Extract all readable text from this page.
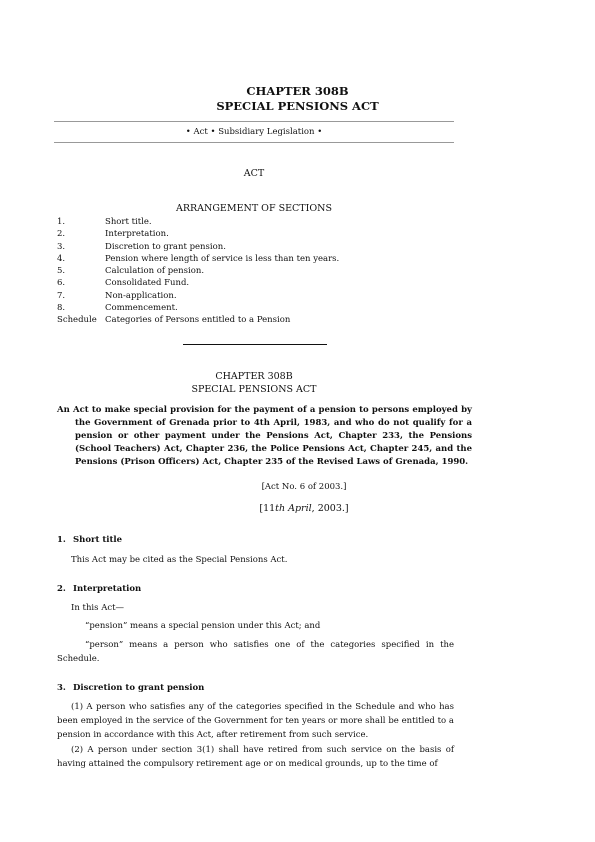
CHAPTER 308B
SPECIAL PENSIONS ACT
• Act • Subsidiary Legislation •
ACT
ARRANGEMENT OF SECTIONS
1.	Short title.
2.	Interpretation.
3.	Discretion to grant pension.
4.	Pension where length of service is less than ten years.
5.	Calculation of pension.
6.	Consolidated Fund.
7.	Non-application.
8.	Commencement.
Schedule Categories of Persons entitled to a Pension
CHAPTER 308B
SPECIAL PENSIONS ACT
An Act to make special provision for the payment of a pension to persons employed by the Government of Grenada prior to 4th April, 1983, and who do not qualify for a pension or other payment under the Pensions Act, Chapter 233, the Pensions (School Teachers) Act, Chapter 236, the Police Pensions Act, Chapter 245, and the Pensions (Prison Officers) Act, Chapter 235 of the Revised Laws of Grenada, 1990.
[Act No. 6 of 2003.]
[11th April, 2003.]
1. Short title
This Act may be cited as the Special Pensions Act.
2. Interpretation
In this Act—
“pension” means a special pension under this Act; and
“person” means a person who satisfies one of the categories specified in the Schedule.
3. Discretion to grant pension
(1) A person who satisfies any of the categories specified in the Schedule and who has been employed in the service of the Government for ten years or more shall be entitled to a pension in accordance with this Act, after retirement from such service.
(2) A person under section 3(1) shall have retired from such service on the basis of having attained the compulsory retirement age or on medical grounds, up to the time of
